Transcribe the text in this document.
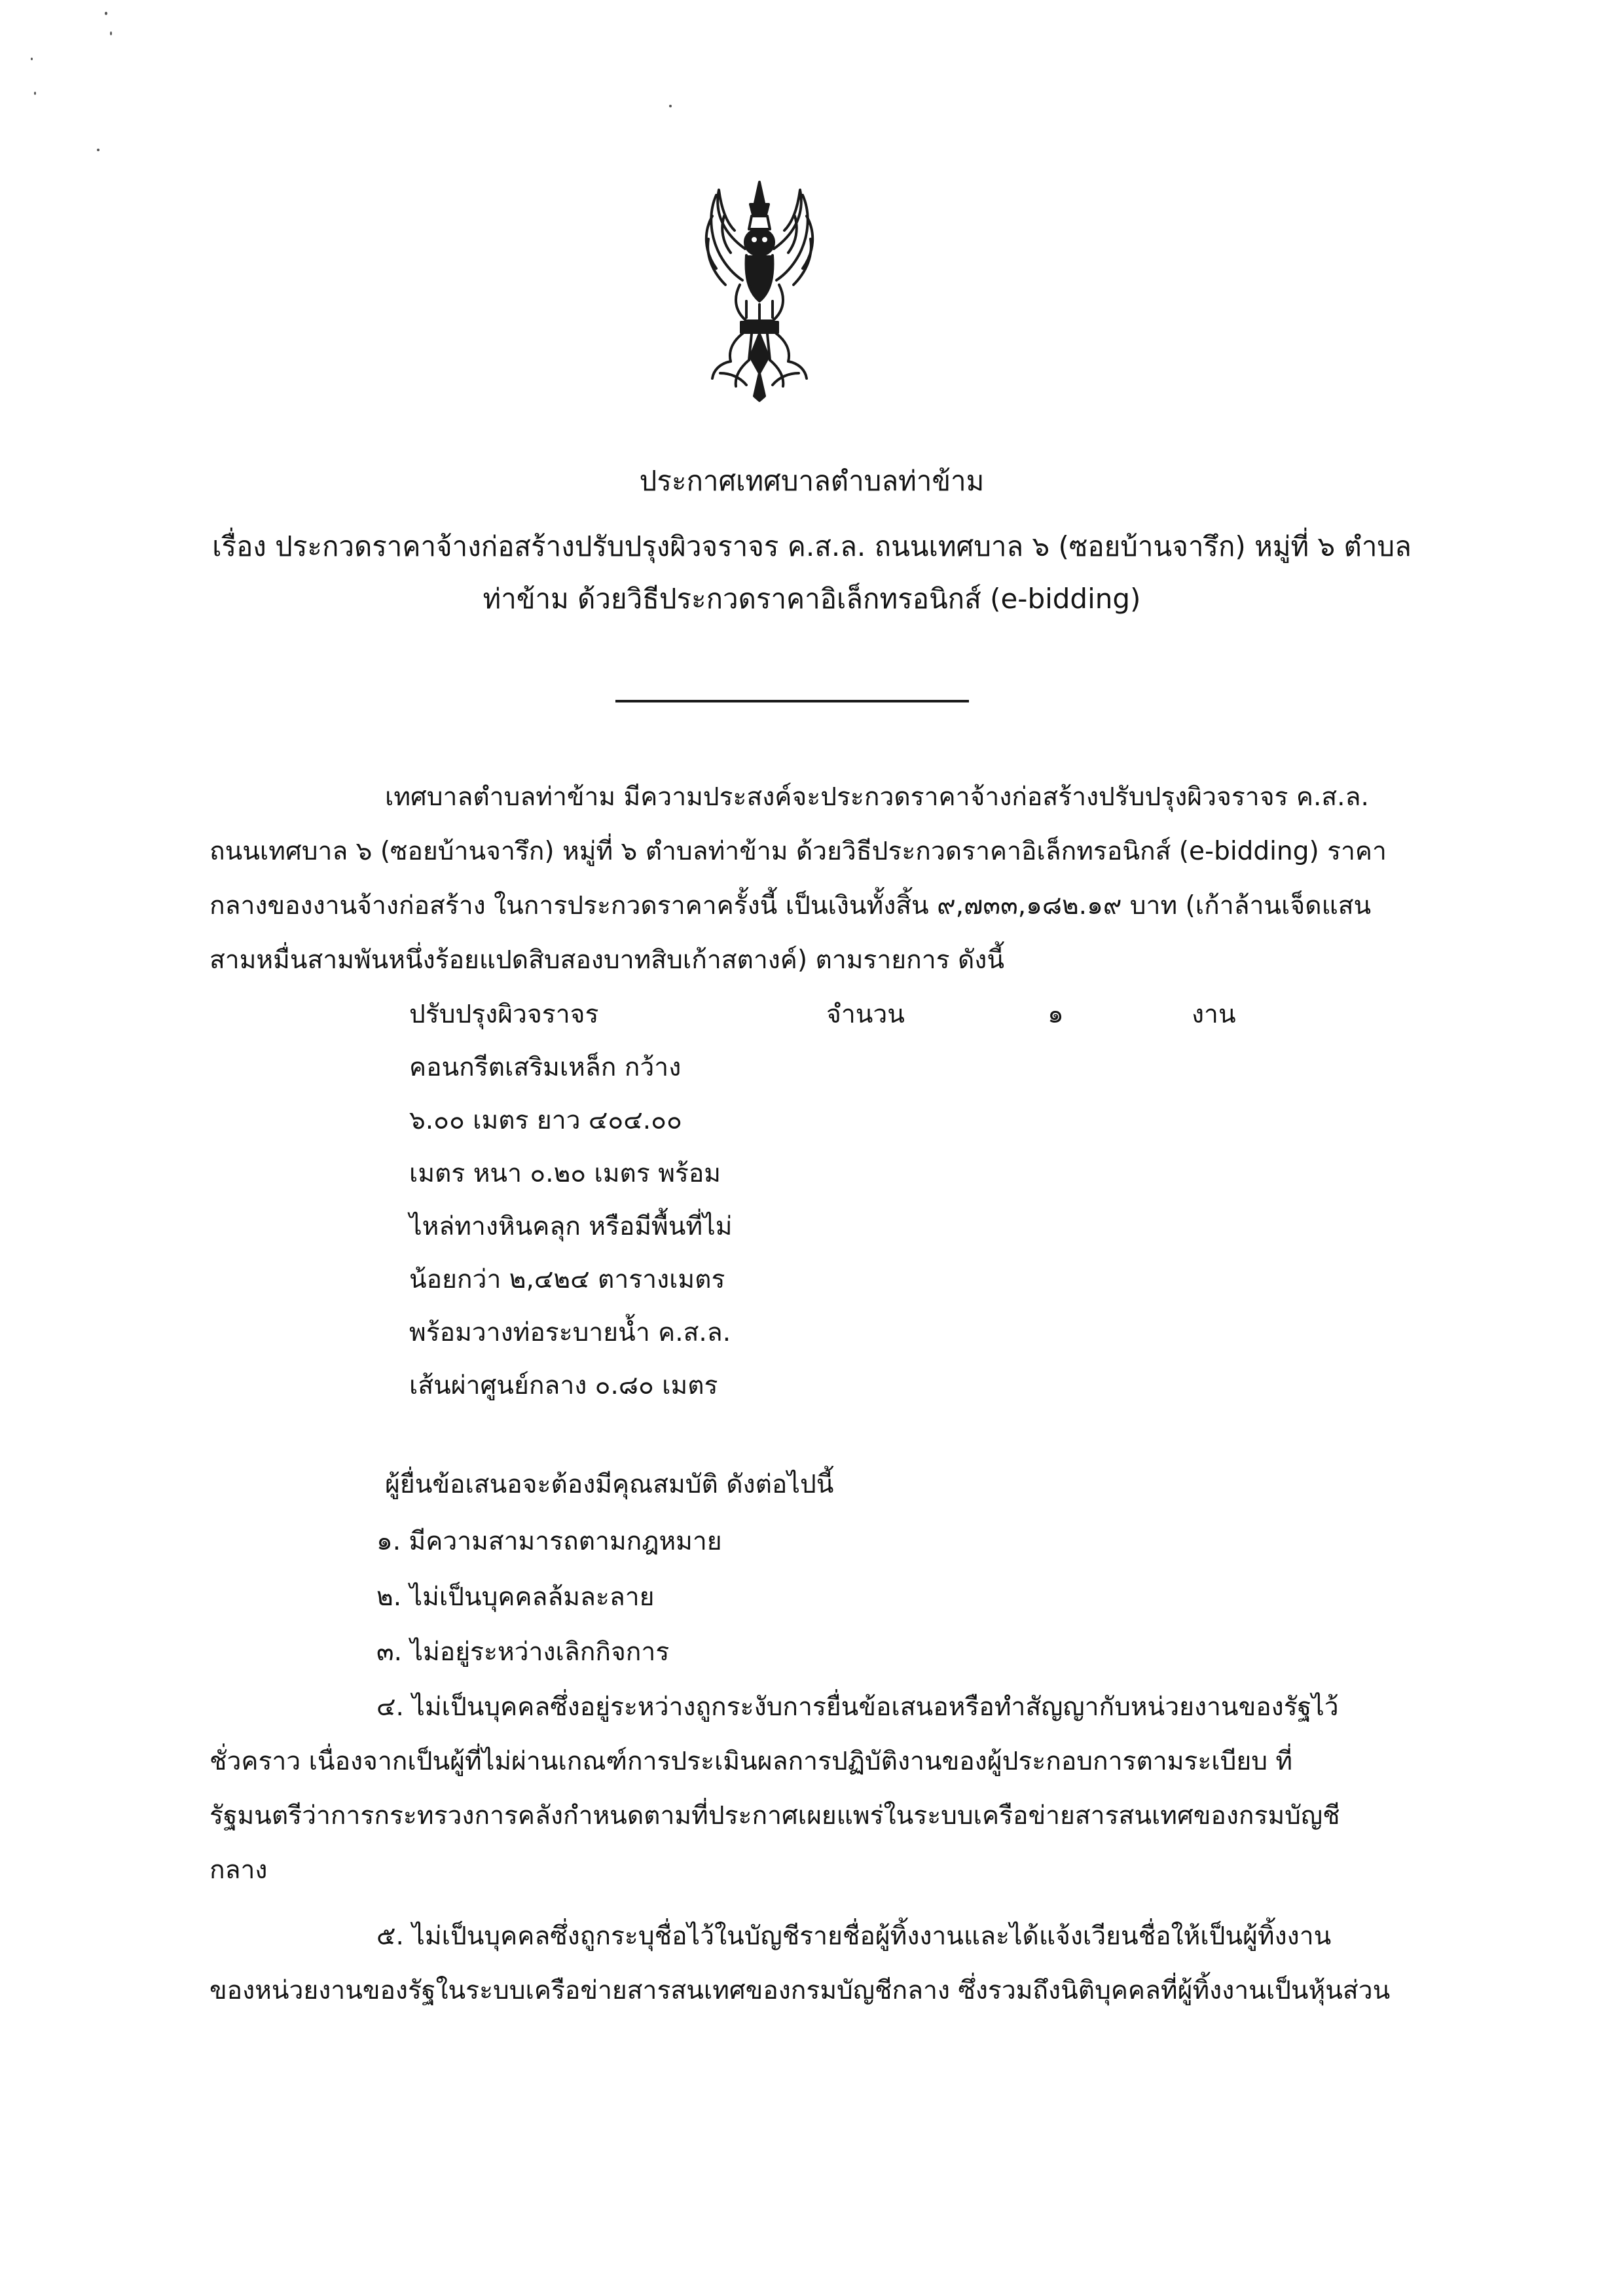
ประกาศเทศบาลตำบลท่าข้าม
เรื่อง ประกวดราคาจ้างก่อสร้างปรับปรุงผิวจราจร ค.ส.ล. ถนนเทศบาล ๖ (ซอยบ้านจารึก) หมู่ที่ ๖ ตำบล
ท่าข้าม ด้วยวิธีประกวดราคาอิเล็กทรอนิกส์ (e-bidding)
เทศบาลตำบลท่าข้าม มีความประสงค์จะประกวดราคาจ้างก่อสร้างปรับปรุงผิวจราจร ค.ส.ล.
ถนนเทศบาล ๖ (ซอยบ้านจารึก) หมู่ที่ ๖ ตำบลท่าข้าม ด้วยวิธีประกวดราคาอิเล็กทรอนิกส์ (e-bidding) ราคา
กลางของงานจ้างก่อสร้าง ในการประกวดราคาครั้งนี้ เป็นเงินทั้งสิ้น ๙,๗๓๓,๑๘๒.๑๙ บาท (เก้าล้านเจ็ดแสน
สามหมื่นสามพันหนึ่งร้อยแปดสิบสองบาทสิบเก้าสตางค์) ตามรายการ ดังนี้
ปรับปรุงผิวจราจร	จำนวน	๑	งาน
คอนกรีตเสริมเหล็ก กว้าง
๖.๐๐ เมตร ยาว ๔๐๔.๐๐
เมตร หนา ๐.๒๐ เมตร พร้อม
ไหล่ทางหินคลุก หรือมีพื้นที่ไม่
น้อยกว่า ๒,๔๒๔ ตารางเมตร
พร้อมวางท่อระบายน้ำ ค.ส.ล.
เส้นผ่าศูนย์กลาง ๐.๘๐ เมตร
ผู้ยื่นข้อเสนอจะต้องมีคุณสมบัติ ดังต่อไปนี้
๑. มีความสามารถตามกฎหมาย
๒. ไม่เป็นบุคคลล้มละลาย
๓. ไม่อยู่ระหว่างเลิกกิจการ
๔. ไม่เป็นบุคคลซึ่งอยู่ระหว่างถูกระงับการยื่นข้อเสนอหรือทำสัญญากับหน่วยงานของรัฐไว้
ชั่วคราว เนื่องจากเป็นผู้ที่ไม่ผ่านเกณฑ์การประเมินผลการปฏิบัติงานของผู้ประกอบการตามระเบียบ ที่
รัฐมนตรีว่าการกระทรวงการคลังกำหนดตามที่ประกาศเผยแพร่ในระบบเครือข่ายสารสนเทศของกรมบัญชี
กลาง
๕. ไม่เป็นบุคคลซึ่งถูกระบุชื่อไว้ในบัญชีรายชื่อผู้ทิ้งงานและได้แจ้งเวียนชื่อให้เป็นผู้ทิ้งงาน
ของหน่วยงานของรัฐในระบบเครือข่ายสารสนเทศของกรมบัญชีกลาง ซึ่งรวมถึงนิติบุคคลที่ผู้ทิ้งงานเป็นหุ้นส่วน
